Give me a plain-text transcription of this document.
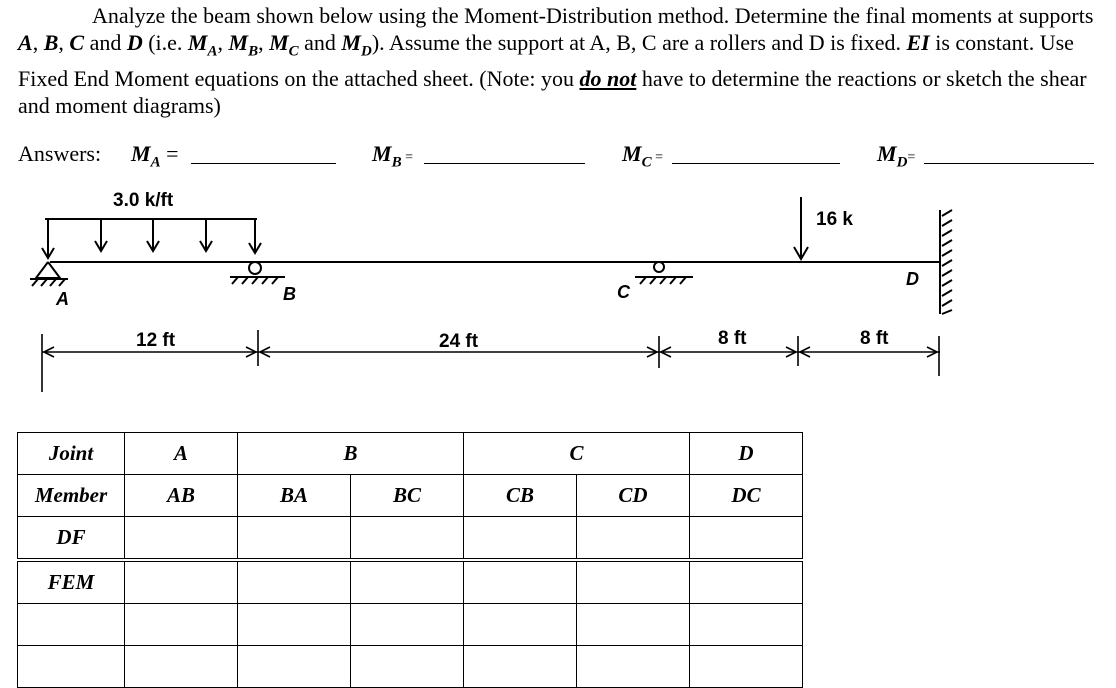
Analyze the beam shown below using the Moment-Distribution method. Determine the final moments at supports A, B, C and D (i.e. $M_A$, $M_B$, $M_C$ and $M_D$). Assume the support at A, B, C are a rollers and D is fixed. EI is constant. Use Fixed End Moment equations on the attached sheet. (Note: you do not have to determine the reactions or sketch the shear and moment diagrams)
Answers: $M_A$ =	$M_B$ =	$M_C$ =	$M_D=$
3.0 k/ft
A	B	C
16 k
D
12 ft	24 ft	8 ft	8 ft
Joint	A	B		C		D
Member	AB	BA	BC	CB	CD	DC
DF						
FEM						
